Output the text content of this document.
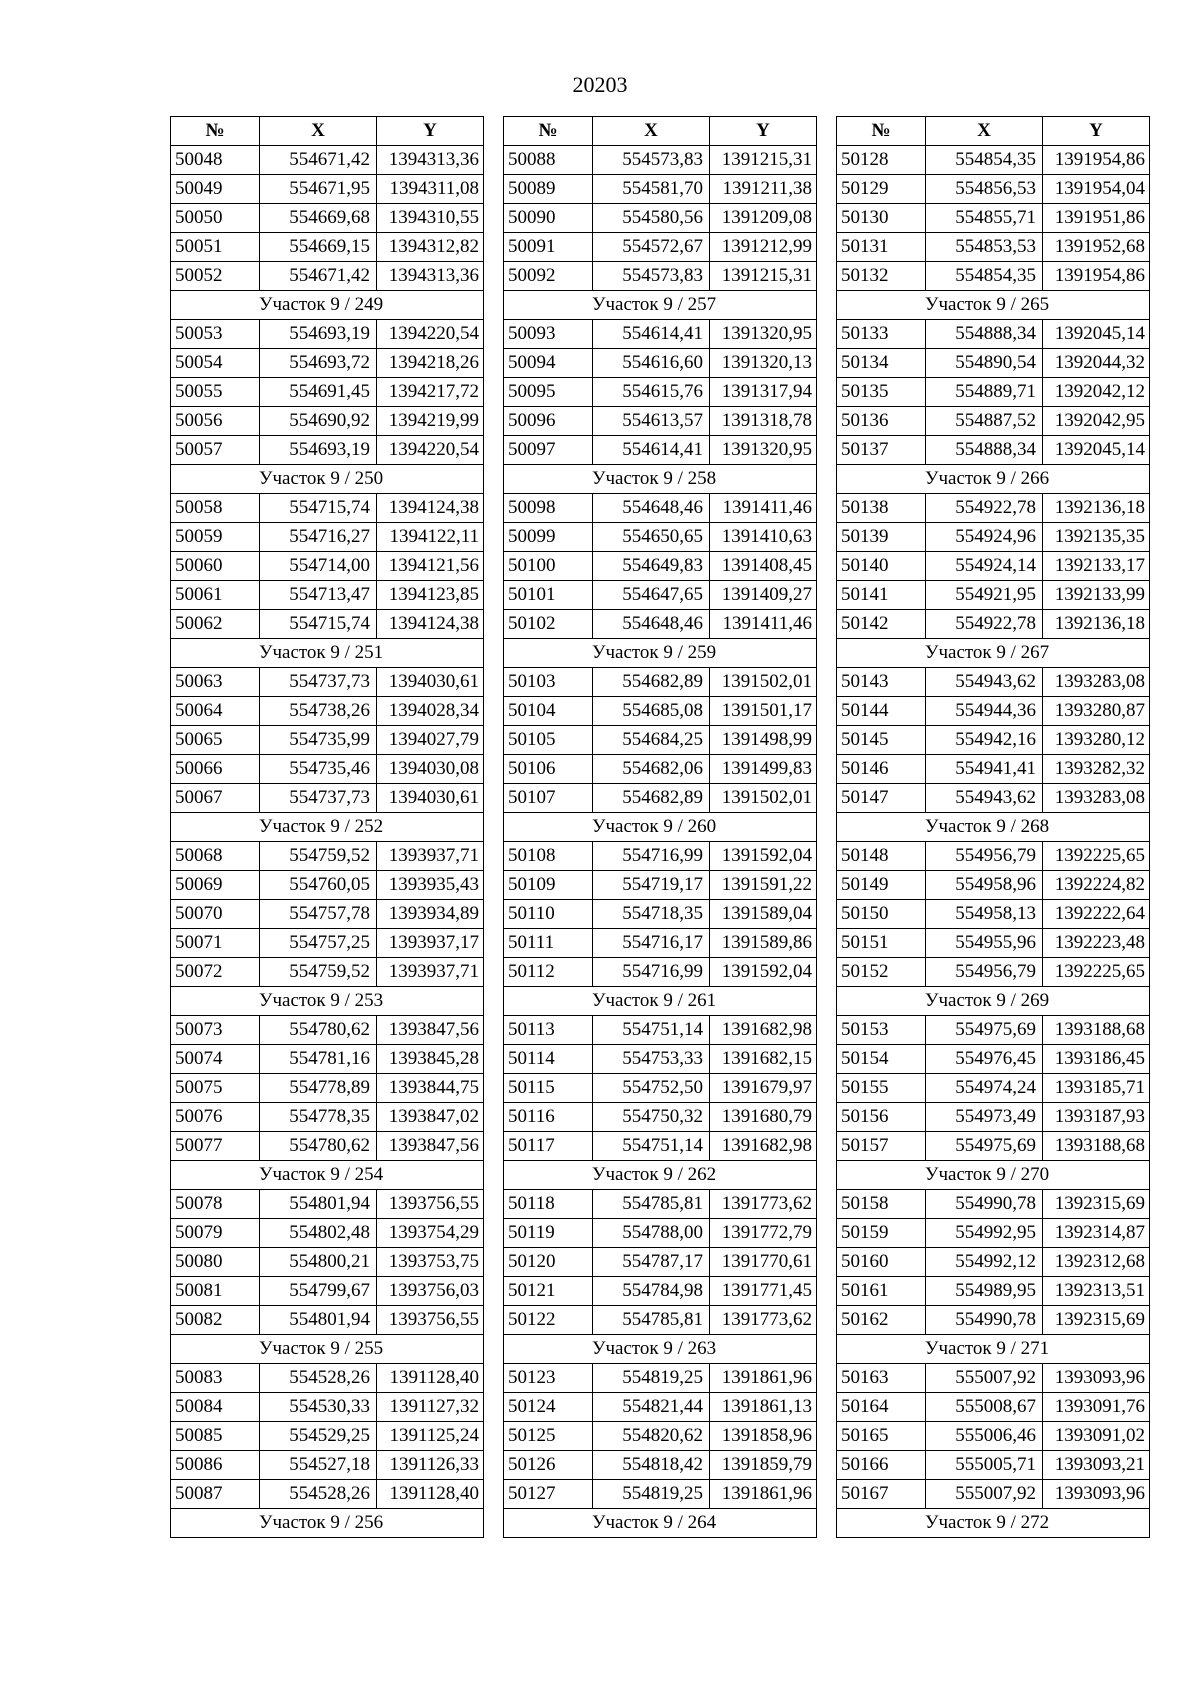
20203
№	X	Y
50048	554671,42	1394313,36
50049	554671,95	1394311,08
50050	554669,68	1394310,55
50051	554669,15	1394312,82
50052	554671,42	1394313,36
Участок 9 / 249		
50053	554693,19	1394220,54
50054	554693,72	1394218,26
50055	554691,45	1394217,72
50056	554690,92	1394219,99
50057	554693,19	1394220,54
Участок 9 / 250		
50058	554715,74	1394124,38
50059	554716,27	1394122,11
50060	554714,00	1394121,56
50061	554713,47	1394123,85
50062	554715,74	1394124,38
Участок 9 / 251		
50063	554737,73	1394030,61
50064	554738,26	1394028,34
50065	554735,99	1394027,79
50066	554735,46	1394030,08
50067	554737,73	1394030,61
Участок 9 / 252		
50068	554759,52	1393937,71
50069	554760,05	1393935,43
50070	554757,78	1393934,89
50071	554757,25	1393937,17
50072	554759,52	1393937,71
Участок 9 / 253		
50073	554780,62	1393847,56
50074	554781,16	1393845,28
50075	554778,89	1393844,75
50076	554778,35	1393847,02
50077	554780,62	1393847,56
Участок 9 / 254		
50078	554801,94	1393756,55
50079	554802,48	1393754,29
50080	554800,21	1393753,75
50081	554799,67	1393756,03
50082	554801,94	1393756,55
Участок 9 / 255		
50083	554528,26	1391128,40
50084	554530,33	1391127,32
50085	554529,25	1391125,24
50086	554527,18	1391126,33
50087	554528,26	1391128,40
Участок 9 / 256		
№	X	Y
50088	554573,83	1391215,31
50089	554581,70	1391211,38
50090	554580,56	1391209,08
50091	554572,67	1391212,99
50092	554573,83	1391215,31
Участок 9 / 257		
50093	554614,41	1391320,95
50094	554616,60	1391320,13
50095	554615,76	1391317,94
50096	554613,57	1391318,78
50097	554614,41	1391320,95
Участок 9 / 258		
50098	554648,46	1391411,46
50099	554650,65	1391410,63
50100	554649,83	1391408,45
50101	554647,65	1391409,27
50102	554648,46	1391411,46
Участок 9 / 259		
50103	554682,89	1391502,01
50104	554685,08	1391501,17
50105	554684,25	1391498,99
50106	554682,06	1391499,83
50107	554682,89	1391502,01
Участок 9 / 260		
50108	554716,99	1391592,04
50109	554719,17	1391591,22
50110	554718,35	1391589,04
50111	554716,17	1391589,86
50112	554716,99	1391592,04
Участок 9 / 261		
50113	554751,14	1391682,98
50114	554753,33	1391682,15
50115	554752,50	1391679,97
50116	554750,32	1391680,79
50117	554751,14	1391682,98
Участок 9 / 262		
50118	554785,81	1391773,62
50119	554788,00	1391772,79
50120	554787,17	1391770,61
50121	554784,98	1391771,45
50122	554785,81	1391773,62
Участок 9 / 263		
50123	554819,25	1391861,96
50124	554821,44	1391861,13
50125	554820,62	1391858,96
50126	554818,42	1391859,79
50127	554819,25	1391861,96
Участок 9 / 264		
№	X	Y
50128	554854,35	1391954,86
50129	554856,53	1391954,04
50130	554855,71	1391951,86
50131	554853,53	1391952,68
50132	554854,35	1391954,86
Участок 9 / 265		
50133	554888,34	1392045,14
50134	554890,54	1392044,32
50135	554889,71	1392042,12
50136	554887,52	1392042,95
50137	554888,34	1392045,14
Участок 9 / 266		
50138	554922,78	1392136,18
50139	554924,96	1392135,35
50140	554924,14	1392133,17
50141	554921,95	1392133,99
50142	554922,78	1392136,18
Участок 9 / 267		
50143	554943,62	1393283,08
50144	554944,36	1393280,87
50145	554942,16	1393280,12
50146	554941,41	1393282,32
50147	554943,62	1393283,08
Участок 9 / 268		
50148	554956,79	1392225,65
50149	554958,96	1392224,82
50150	554958,13	1392222,64
50151	554955,96	1392223,48
50152	554956,79	1392225,65
Участок 9 / 269		
50153	554975,69	1393188,68
50154	554976,45	1393186,45
50155	554974,24	1393185,71
50156	554973,49	1393187,93
50157	554975,69	1393188,68
Участок 9 / 270		
50158	554990,78	1392315,69
50159	554992,95	1392314,87
50160	554992,12	1392312,68
50161	554989,95	1392313,51
50162	554990,78	1392315,69
Участок 9 / 271		
50163	555007,92	1393093,96
50164	555008,67	1393091,76
50165	555006,46	1393091,02
50166	555005,71	1393093,21
50167	555007,92	1393093,96
Участок 9 / 272		
